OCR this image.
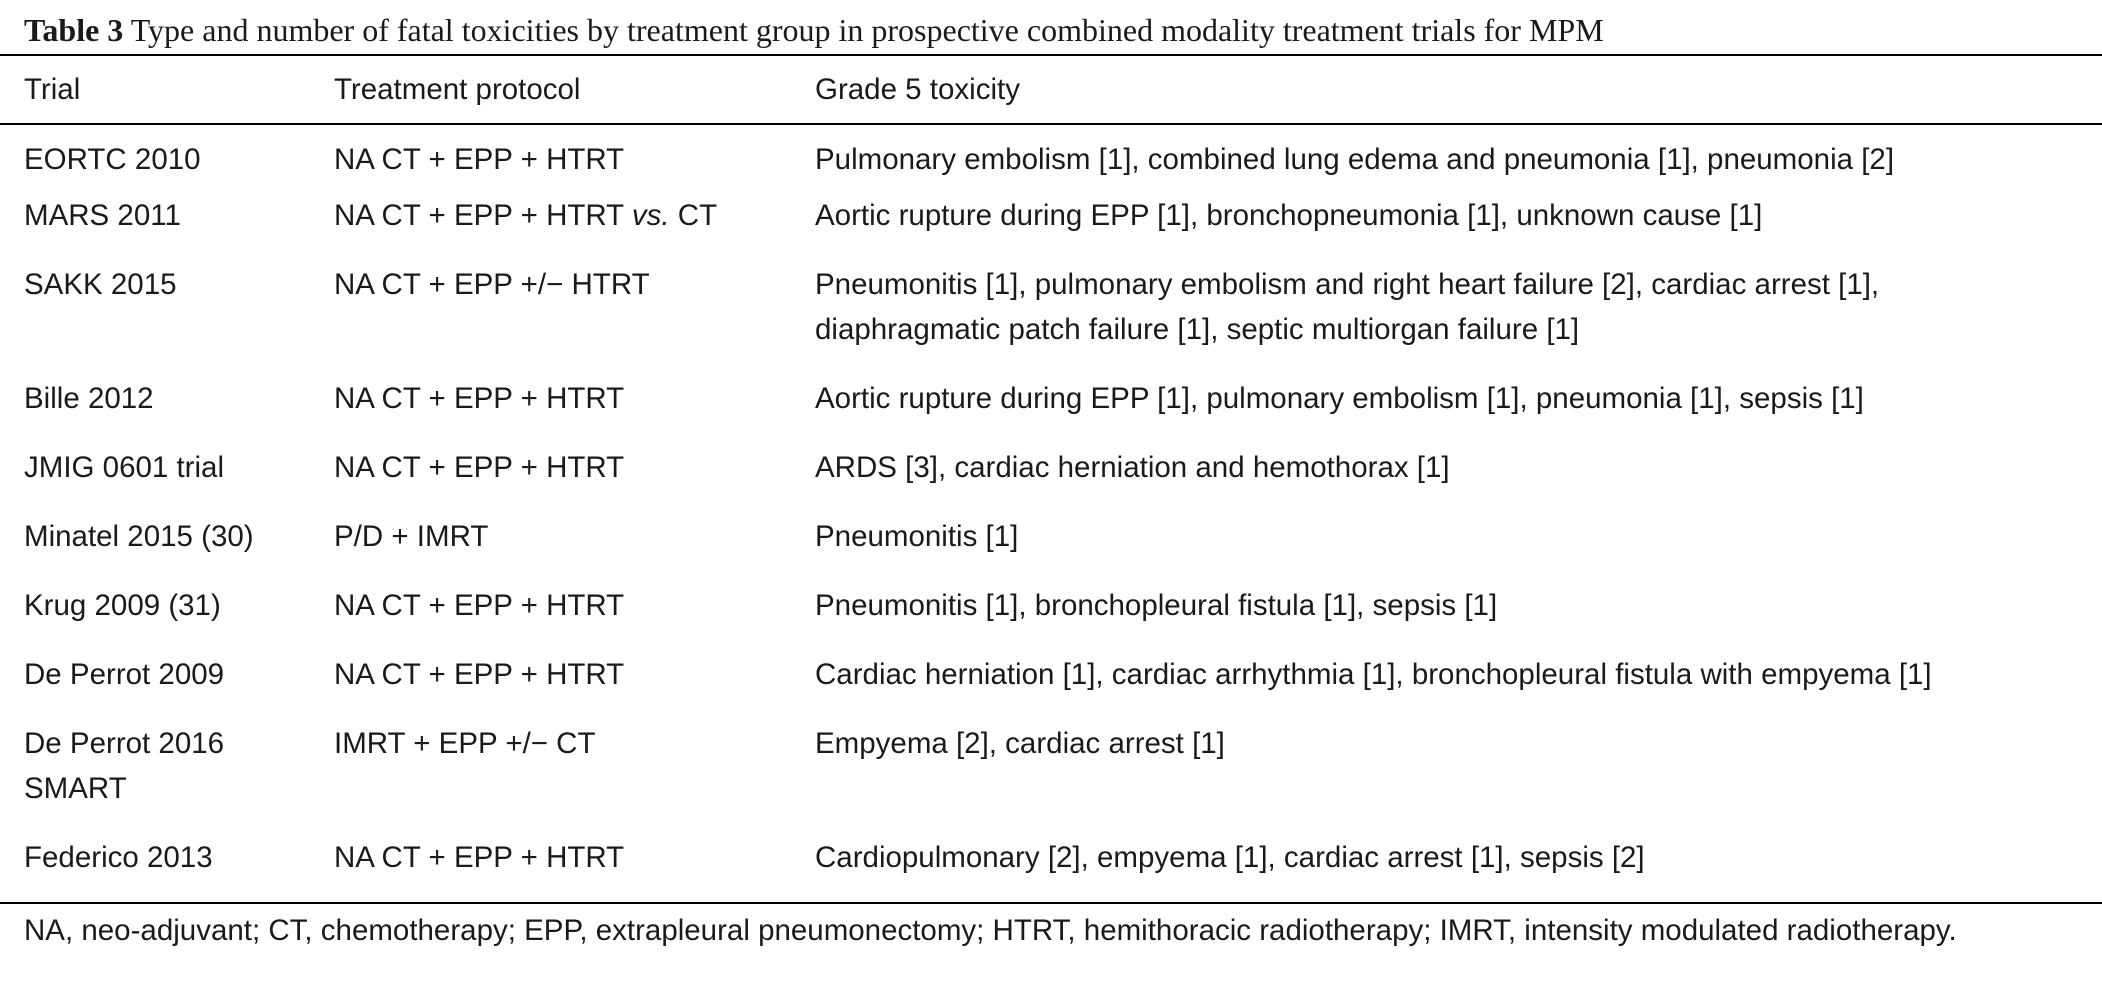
Table 3 Type and number of fatal toxicities by treatment group in prospective combined modality treatment trials for MPM
Trial	Treatment protocol	Grade 5 toxicity
EORTC 2010	NA CT + EPP + HTRT	Pulmonary embolism [1], combined lung edema and pneumonia [1], pneumonia [2]
MARS 2011	NA CT + EPP + HTRT vs. CT	Aortic rupture during EPP [1], bronchopneumonia [1], unknown cause [1]
SAKK 2015	NA CT + EPP +/− HTRT	Pneumonitis [1], pulmonary embolism and right heart failure [2], cardiac arrest [1],
diaphragmatic patch failure [1], septic multiorgan failure [1]

Bille 2012	NA CT + EPP + HTRT	Aortic rupture during EPP [1], pulmonary embolism [1], pneumonia [1], sepsis [1]
JMIG 0601 trial	NA CT + EPP + HTRT	ARDS [3], cardiac herniation and hemothorax [1]
Minatel 2015 (30)	P/D + IMRT	Pneumonitis [1]
Krug 2009 (31)	NA CT + EPP + HTRT	Pneumonitis [1], bronchopleural fistula [1], sepsis [1]
De Perrot 2009	NA CT + EPP + HTRT	Cardiac herniation [1], cardiac arrhythmia [1], bronchopleural fistula with empyema [1]

De Perrot 2016
SMART	IMRT + EPP +/− CT	Empyema [2], cardiac arrest [1]
Federico 2013	NA CT + EPP + HTRT	Cardiopulmonary [2], empyema [1], cardiac arrest [1], sepsis [2]
NA, neo-adjuvant; CT, chemotherapy; EPP, extrapleural pneumonectomy; HTRT, hemithoracic radiotherapy; IMRT, intensity modulated radiotherapy.
